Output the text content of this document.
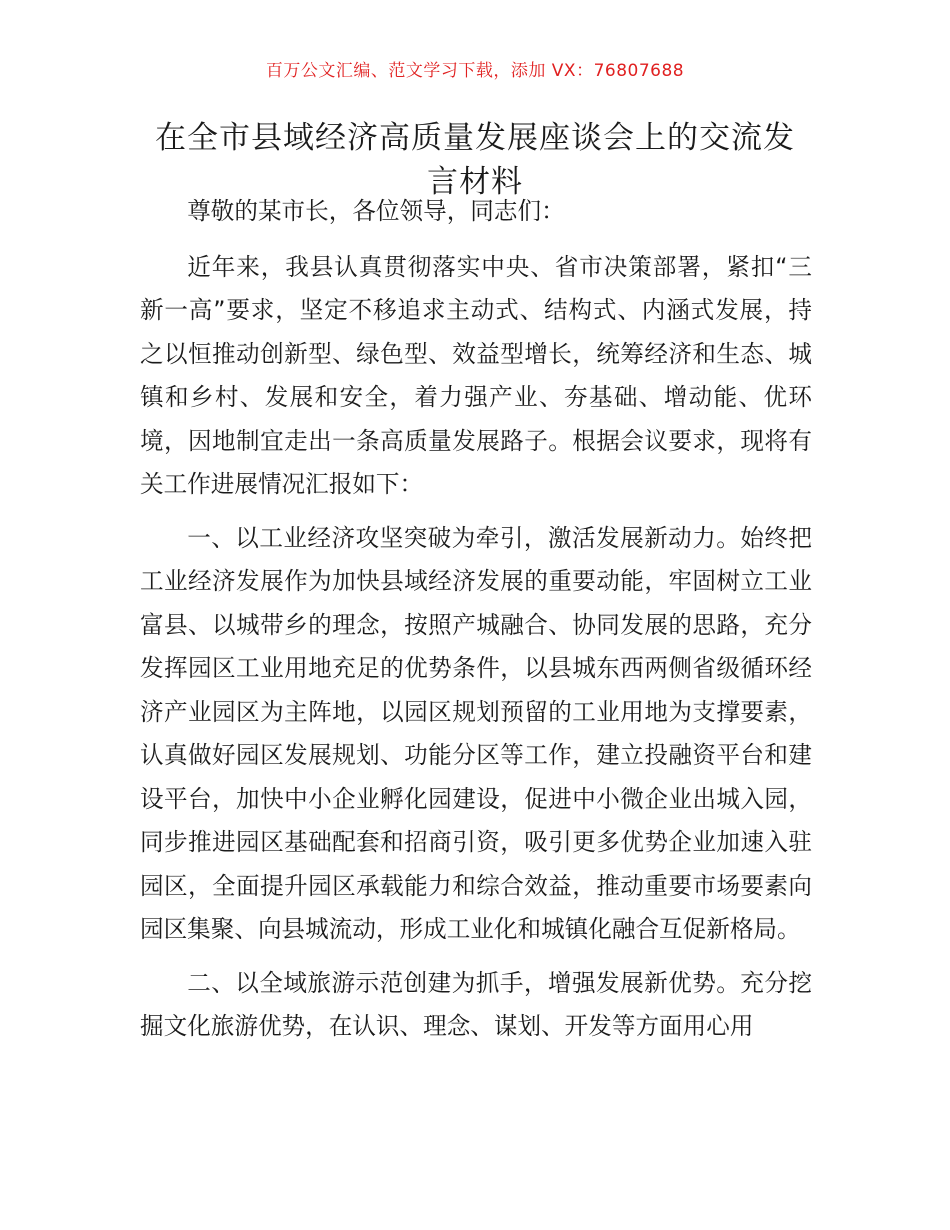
百万公文汇编、范文学习下载，添加 VX：76807688
在全市县域经济高质量发展座谈会上的交流发言材料

尊敬的某市长，各位领导，同志们：

近年来，我县认真贯彻落实中央、省市决策部署，紧扣“三新一高”要求，坚定不移追求主动式、结构式、内涵式发展，持之以恒推动创新型、绿色型、效益型增长，统筹经济和生态、城镇和乡村、发展和安全，着力强产业、夯基础、增动能、优环境，因地制宜走出一条高质量发展路子。根据会议要求，现将有关工作进展情况汇报如下：

一、以工业经济攻坚突破为牵引，激活发展新动力。始终把工业经济发展作为加快县域经济发展的重要动能，牢固树立工业富县、以城带乡的理念，按照产城融合、协同发展的思路，充分发挥园区工业用地充足的优势条件，以县城东西两侧省级循环经济产业园区为主阵地，以园区规划预留的工业用地为支撑要素，认真做好园区发展规划、功能分区等工作，建立投融资平台和建设平台，加快中小企业孵化园建设，促进中小微企业出城入园，同步推进园区基础配套和招商引资，吸引更多优势企业加速入驻园区，全面提升园区承载能力和综合效益，推动重要市场要素向园区集聚、向县城流动，形成工业化和城镇化融合互促新格局。

二、以全域旅游示范创建为抓手，增强发展新优势。充分挖掘文化旅游优势，在认识、理念、谋划、开发等方面用心用
